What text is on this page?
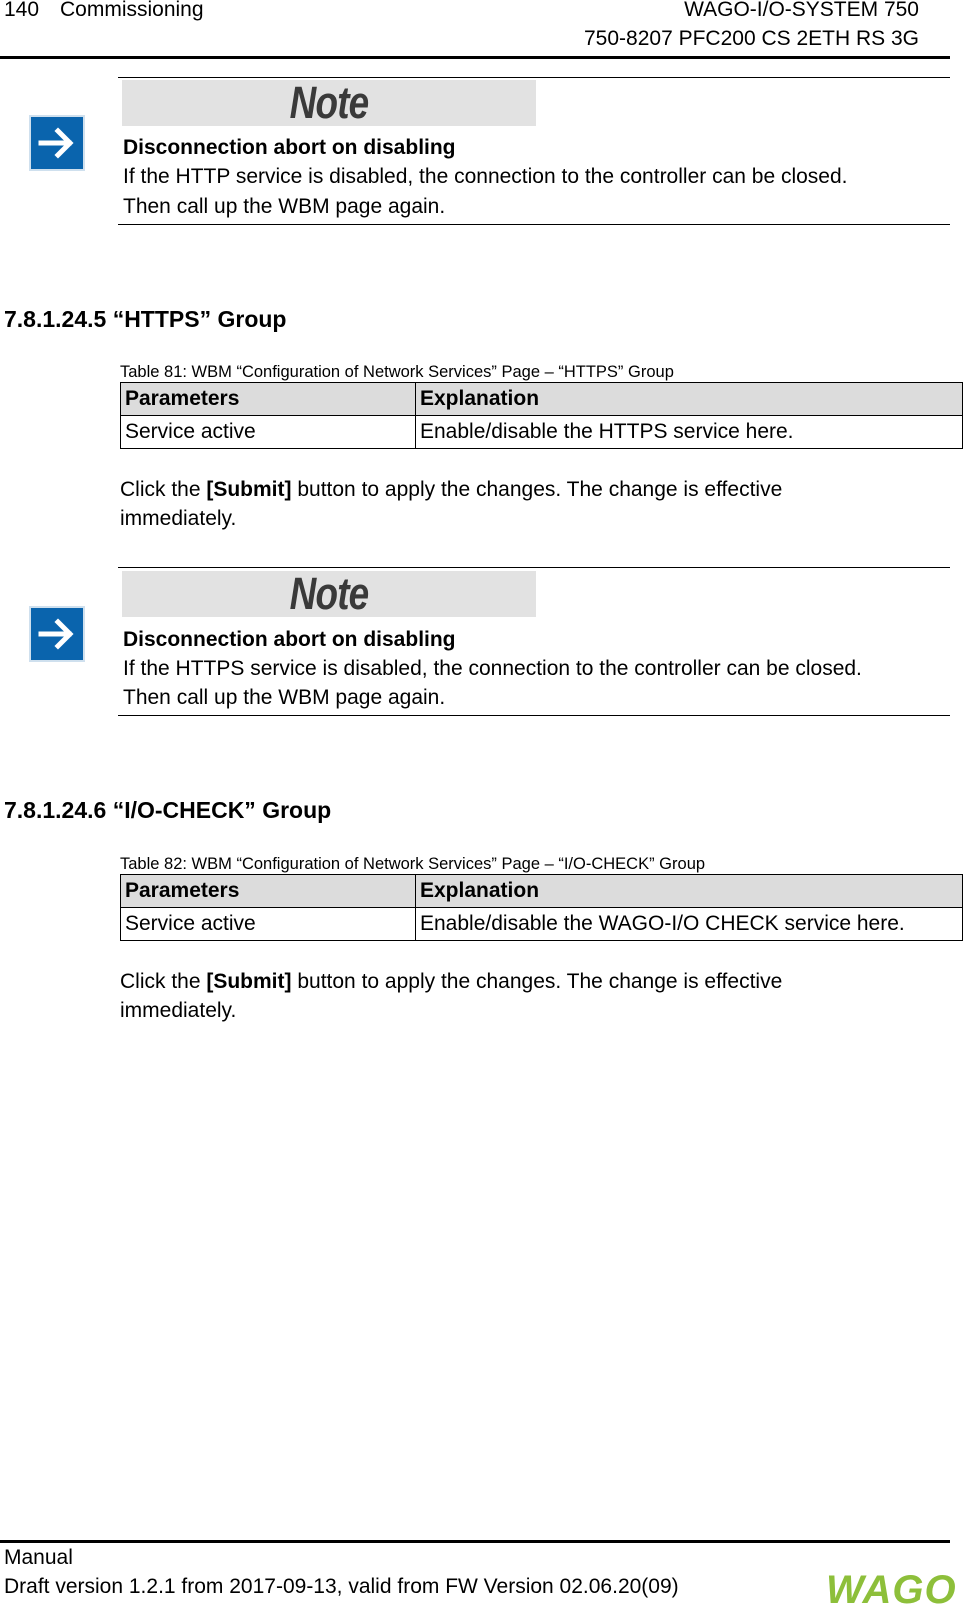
140 Commissioning	WAGO-I/O-SYSTEM 750
750-8207 PFC200 CS 2ETH RS 3G
Note
Disconnection abort on disabling
If the HTTP service is disabled, the connection to the controller can be closed.
Then call up the WBM page again.
7.8.1.24.5 “HTTPS” Group
Table 81: WBM “Configuration of Network Services” Page – “HTTPS” Group
Parameters	Explanation
Service active	Enable/disable the HTTPS service here.
Click the [Submit] button to apply the changes. The change is effective
immediately.
Note
Disconnection abort on disabling
If the HTTPS service is disabled, the connection to the controller can be closed.
Then call up the WBM page again.
7.8.1.24.6 “I/O-CHECK” Group
Table 82: WBM “Configuration of Network Services” Page – “I/O-CHECK” Group
Parameters	Explanation
Service active	Enable/disable the WAGO-I/O CHECK service here.
Click the [Submit] button to apply the changes. The change is effective
immediately.
Manual
Draft version 1.2.1 from 2017-09-13, valid from FW Version 02.06.20(09)	WAGO
